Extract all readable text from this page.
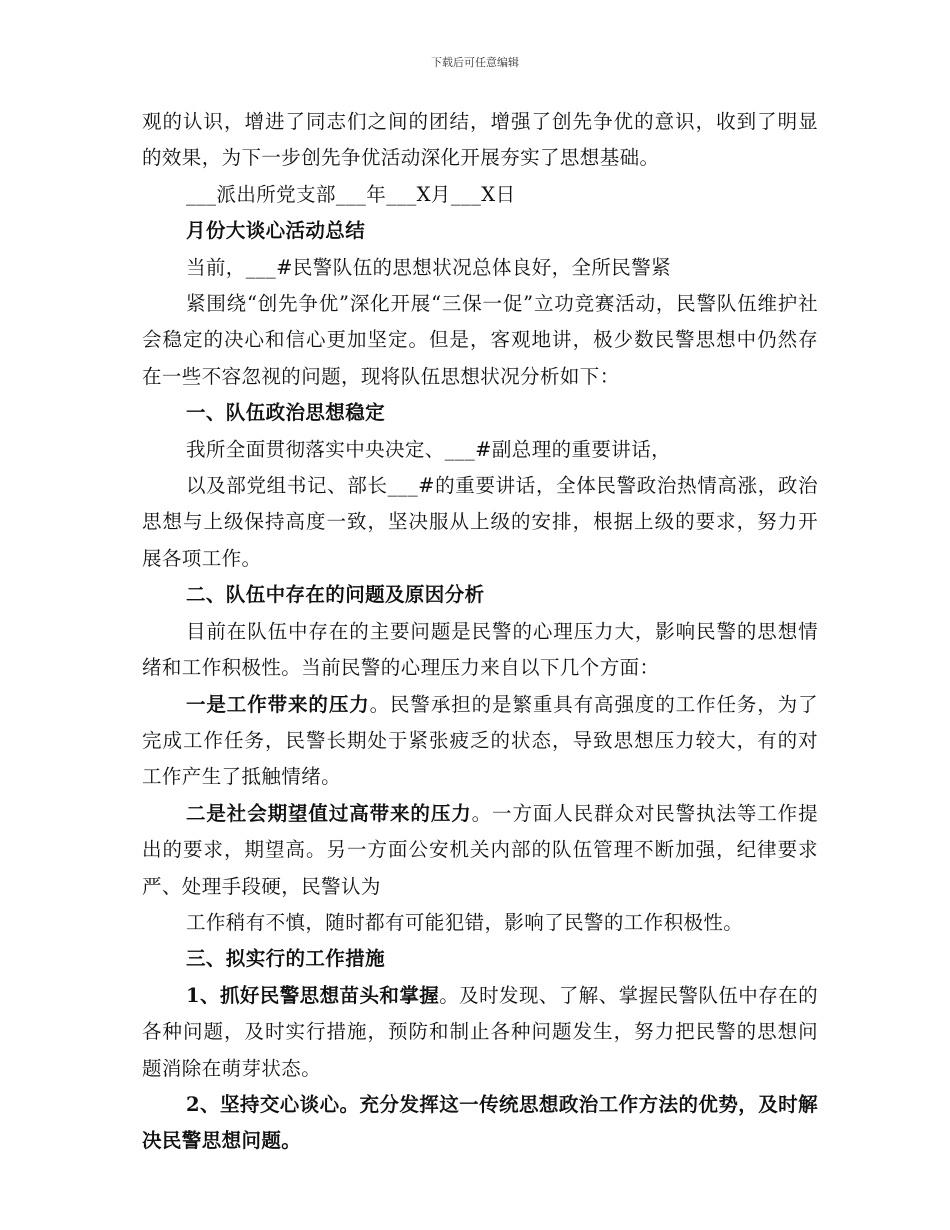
下载后可任意编辑

观的认识，增进了同志们之间的团结，增强了创先争优的意识，收到了明显的效果，为下一步创先争优活动深化开展夯实了思想基础。

___派出所党支部___年___X月___X日

月份大谈心活动总结

当前，___#民警队伍的思想状况总体良好，全所民警紧

紧围绕“创先争优”深化开展“三保一促”立功竞赛活动，民警队伍维护社会稳定的决心和信心更加坚定。但是，客观地讲，极少数民警思想中仍然存在一些不容忽视的问题，现将队伍思想状况分析如下：

一、队伍政治思想稳定

我所全面贯彻落实中央决定、___#副总理的重要讲话，

以及部党组书记、部长___#的重要讲话，全体民警政治热情高涨，政治思想与上级保持高度一致，坚决服从上级的安排，根据上级的要求，努力开展各项工作。

二、队伍中存在的问题及原因分析

目前在队伍中存在的主要问题是民警的心理压力大，影响民警的思想情绪和工作积极性。当前民警的心理压力来自以下几个方面：

一是工作带来的压力。民警承担的是繁重具有高强度的工作任务，为了完成工作任务，民警长期处于紧张疲乏的状态，导致思想压力较大，有的对工作产生了抵触情绪。

二是社会期望值过高带来的压力。一方面人民群众对民警执法等工作提出的要求，期望高。另一方面公安机关内部的队伍管理不断加强，纪律要求严、处理手段硬，民警认为

工作稍有不慎，随时都有可能犯错，影响了民警的工作积极性。

三、拟实行的工作措施

1、抓好民警思想苗头和掌握。及时发现、了解、掌握民警队伍中存在的各种问题，及时实行措施，预防和制止各种问题发生，努力把民警的思想问题消除在萌芽状态。

2、坚持交心谈心。充分发挥这一传统思想政治工作方法的优势，及时解决民警思想问题。
